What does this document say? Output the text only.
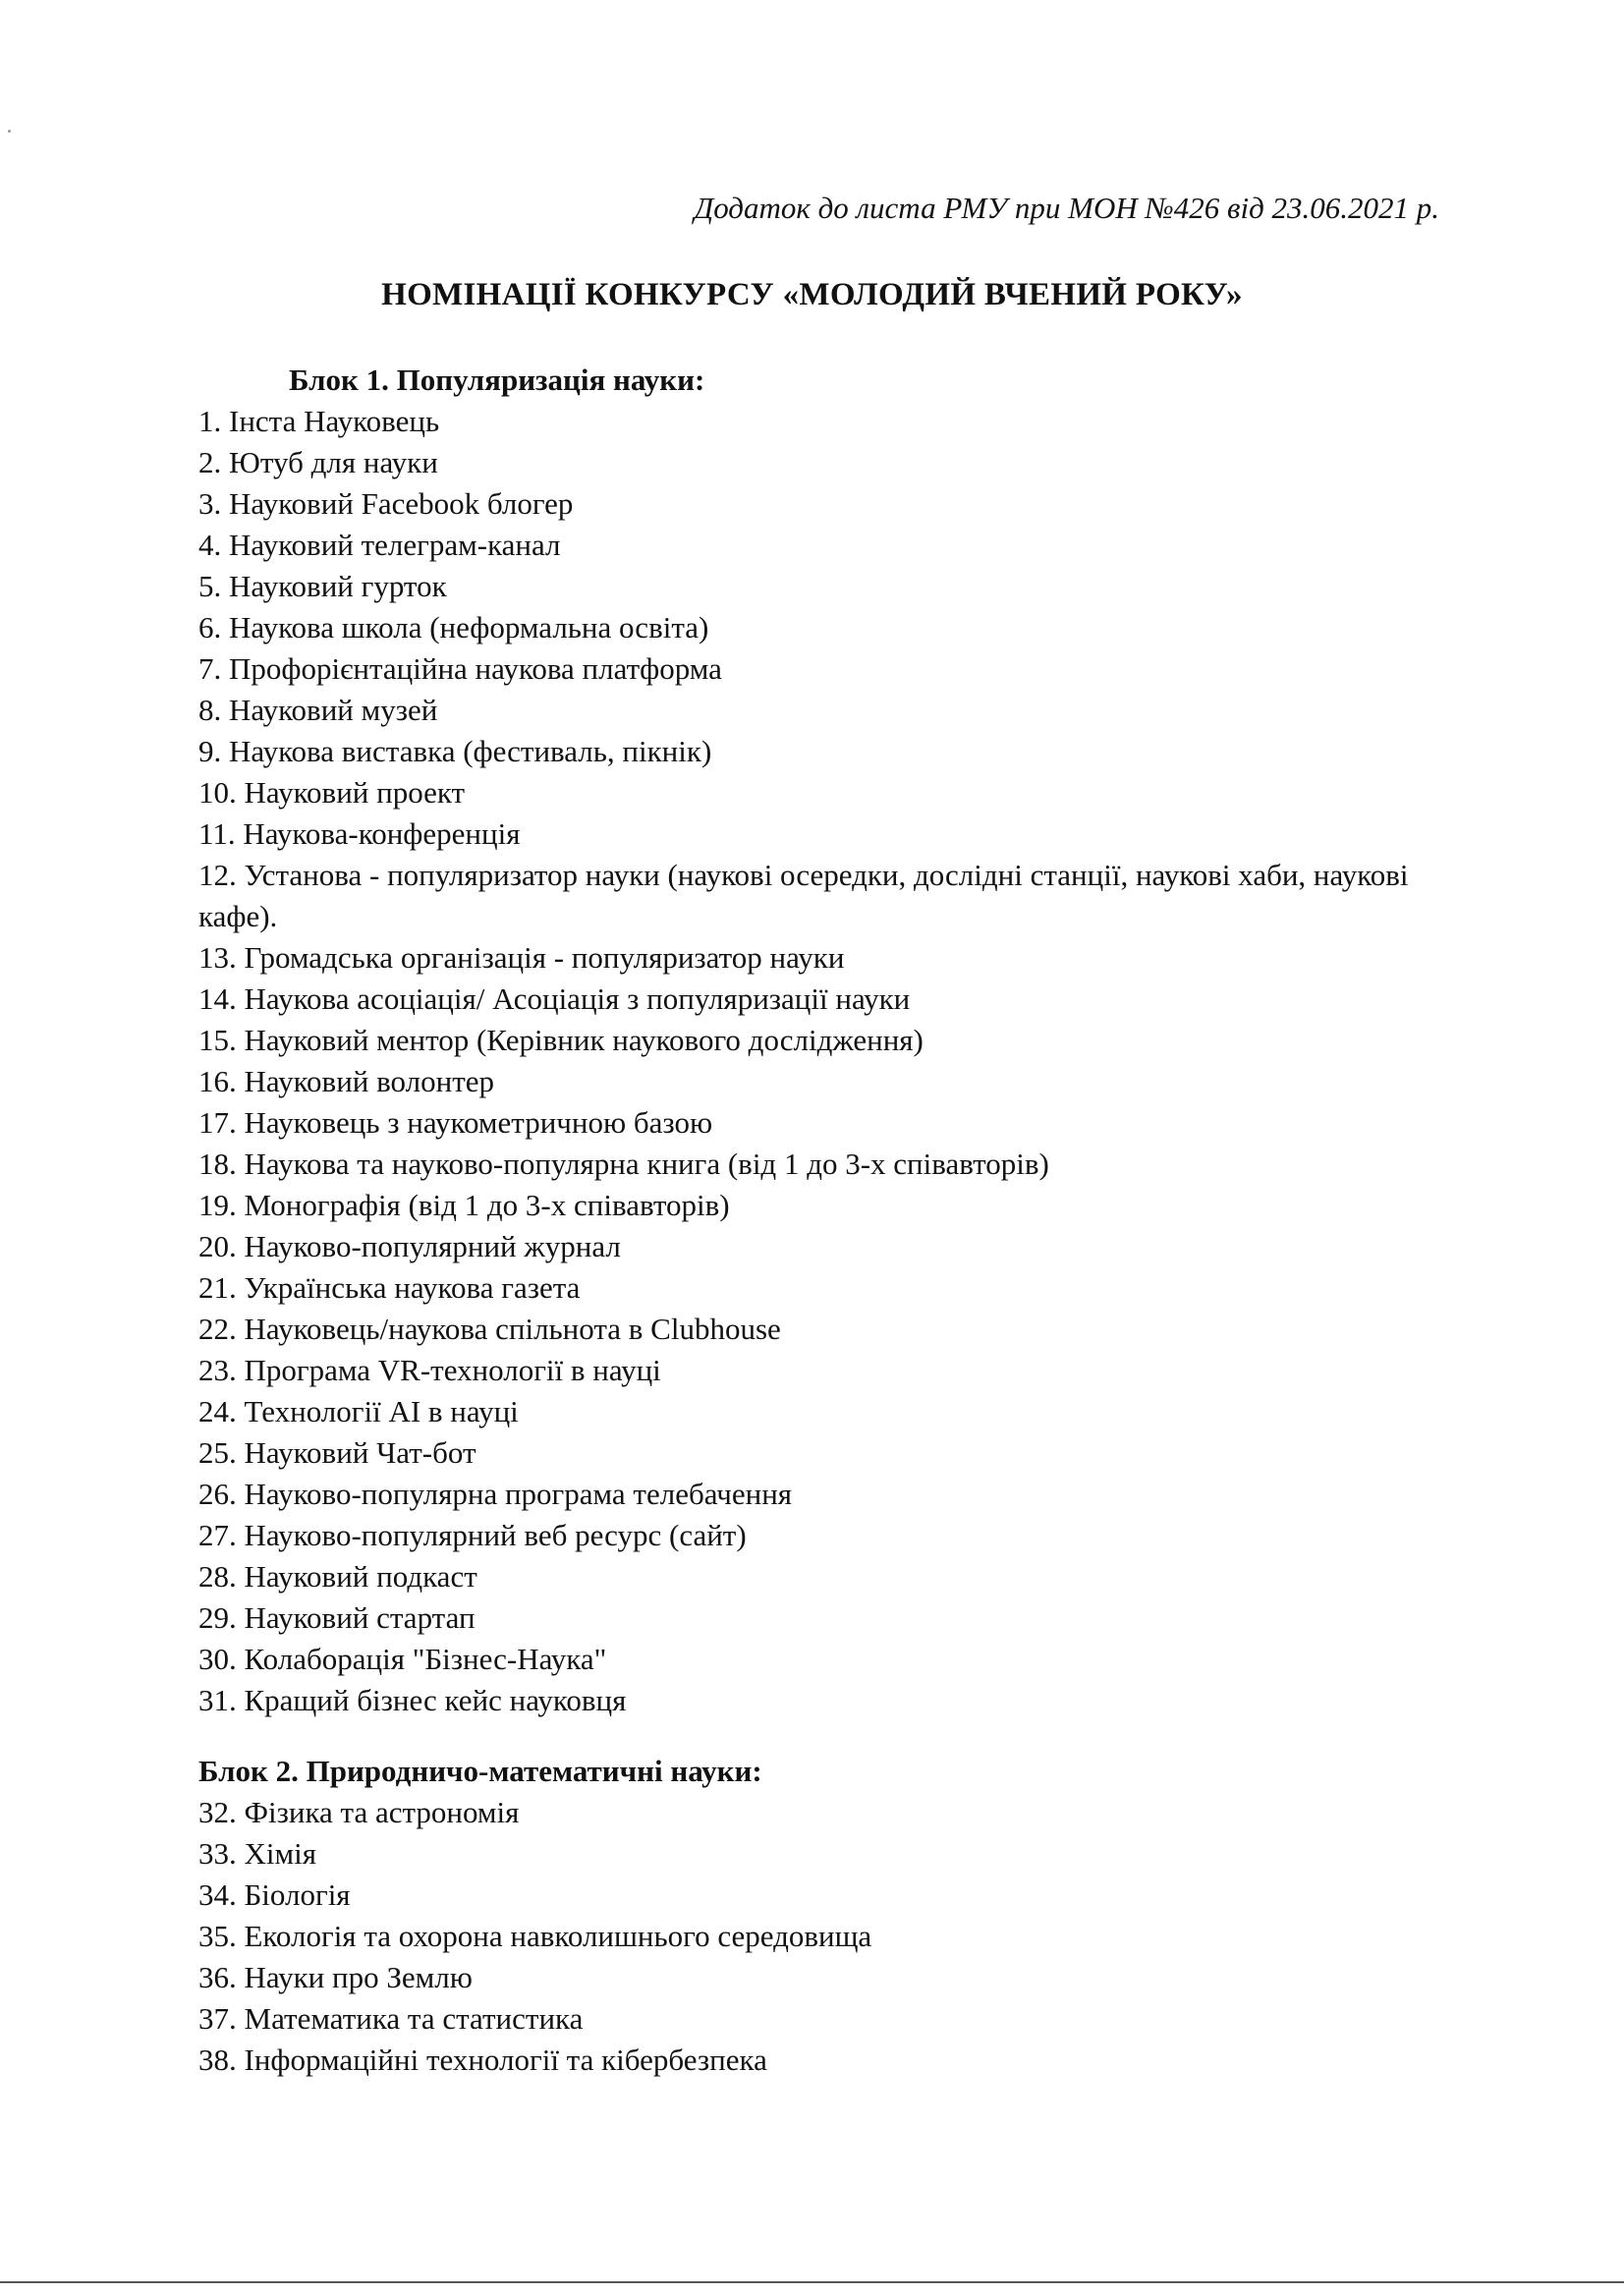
Додаток до листа РМУ при МОН №426 від 23.06.2021 р.
НОМІНАЦІЇ КОНКУРСУ «МОЛОДИЙ ВЧЕНИЙ РОКУ»
Блок 1. Популяризація науки:
1. Інста Науковець
2. Ютуб для науки
3. Науковий Facebook блогер
4. Науковий телеграм-канал
5. Науковий гурток
6. Наукова школа (неформальна освіта)
7. Профорієнтаційна наукова платформа
8. Науковий музей
9. Наукова виставка (фестиваль, пікнік)
10. Науковий проект
11. Наукова-конференція
12. Установа - популяризатор науки (наукові осередки, дослідні станції, наукові хаби, наукові кафе).
13. Громадська організація - популяризатор науки
14. Наукова асоціація/ Асоціація з популяризації науки
15. Науковий ментор (Керівник наукового дослідження)
16. Науковий волонтер
17. Науковець з наукометричною базою
18. Наукова та науково-популярна книга (від 1 до 3-х співавторів)
19. Монографія (від 1 до 3-х співавторів)
20. Науково-популярний журнал
21. Українська наукова газета
22. Науковець/наукова спільнота в Clubhouse
23. Програма VR-технології в науці
24. Технології AI в науці
25. Науковий Чат-бот
26. Науково-популярна програма телебачення
27. Науково-популярний веб ресурс (сайт)
28. Науковий подкаст
29. Науковий стартап
30. Колаборація "Бізнес-Наука"
31. Кращий бізнес кейс науковця
Блок 2. Природничо-математичні науки:
32. Фізика та астрономія
33. Хімія
34. Біологія
35. Екологія та охорона навколишнього середовища
36. Науки про Землю
37. Математика та статистика
38. Інформаційні технології та кібербезпека
